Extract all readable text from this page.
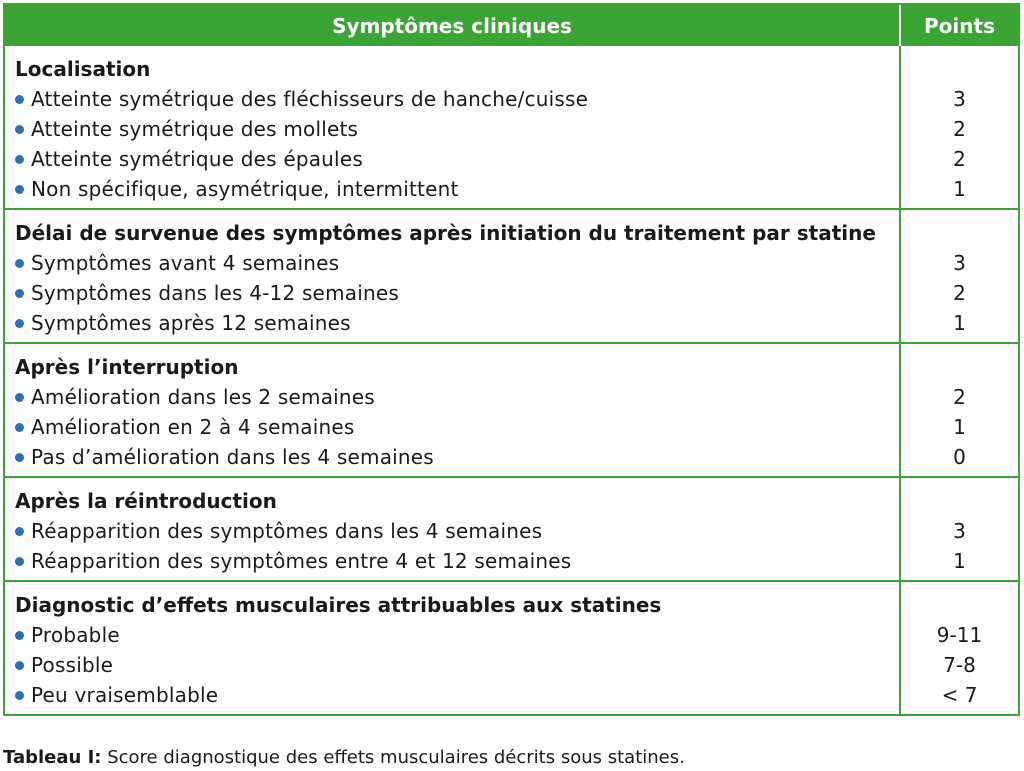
Symptômes cliniques	Points
Localisation
Atteinte symétrique des fléchisseurs de hanche/cuisse
Atteinte symétrique des mollets
Atteinte symétrique des épaules
Non spécifique, asymétrique, intermittent
3
2
2
1
Délai de survenue des symptômes après initiation du traitement par statine
Symptômes avant 4 semaines
Symptômes dans les 4-12 semaines
Symptômes après 12 semaines
3
2
1
Après l’interruption
Amélioration dans les 2 semaines
Amélioration en 2 à 4 semaines
Pas d’amélioration dans les 4 semaines
2
1
0
Après la réintroduction
Réapparition des symptômes dans les 4 semaines
Réapparition des symptômes entre 4 et 12 semaines
3
1
Diagnostic d’effets musculaires attribuables aux statines
Probable
Possible
Peu vraisemblable
9-11
7-8
< 7
Tableau I: Score diagnostique des effets musculaires décrits sous statines.
